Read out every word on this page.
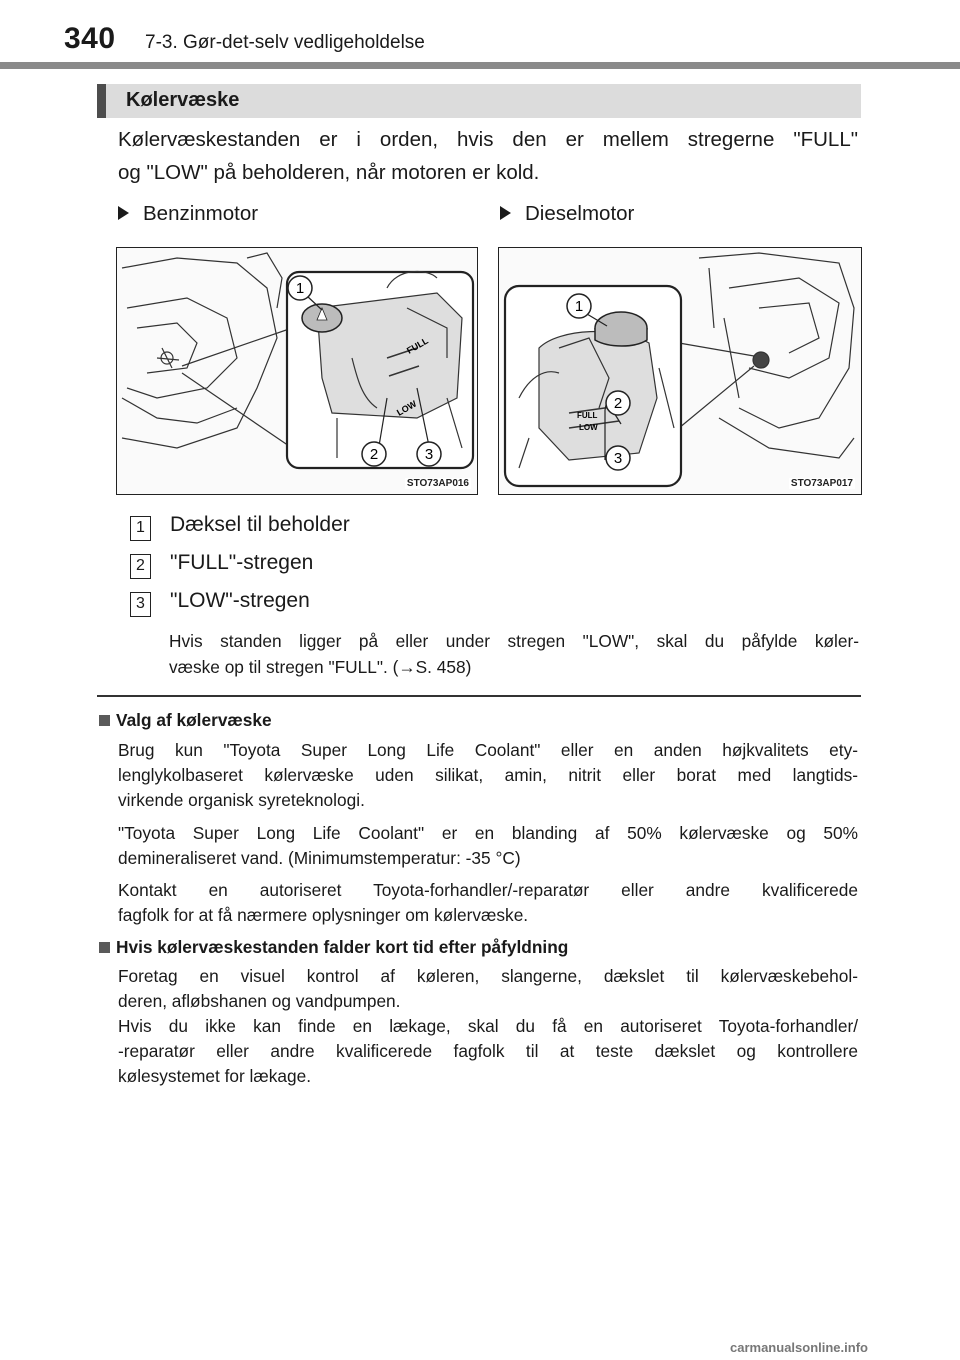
340 7-3. Gør-det-selv vedligeholdelse
Kølervæske
Kølervæskestanden er i orden, hvis den er mellem stregerne "FULL"
og "LOW" på beholderen, når motoren er kold.
Benzinmotor	Dieselmotor
FULL
LOW
1
2	3
STO73AP016
FULL
LOW
1
2
3
STO73AP017
1 Dæksel til beholder
2 "FULL"-stregen
3 "LOW"-stregen
Hvis standen ligger på eller under stregen "LOW", skal du påfylde køler-
væske op til stregen "FULL". (→S. 458)
Valg af kølervæske
Brug kun "Toyota Super Long Life Coolant" eller en anden højkvalitets ety-
lenglykolbaseret kølervæske uden silikat, amin, nitrit eller borat med langtids-
virkende organisk syreteknologi.
"Toyota Super Long Life Coolant" er en blanding af 50% kølervæske og 50%
demineraliseret vand. (Minimumstemperatur: -35 °C)
Kontakt en autoriseret Toyota-forhandler/-reparatør eller andre kvalificerede
fagfolk for at få nærmere oplysninger om kølervæske.
Hvis kølervæskestanden falder kort tid efter påfyldning
Foretag en visuel kontrol af køleren, slangerne, dækslet til kølervæskebehol-
deren, afløbshanen og vandpumpen.
Hvis du ikke kan finde en lækage, skal du få en autoriseret Toyota-forhandler/
-reparatør eller andre kvalificerede fagfolk til at teste dækslet og kontrollere
kølesystemet for lækage.
carmanualsonline.info
